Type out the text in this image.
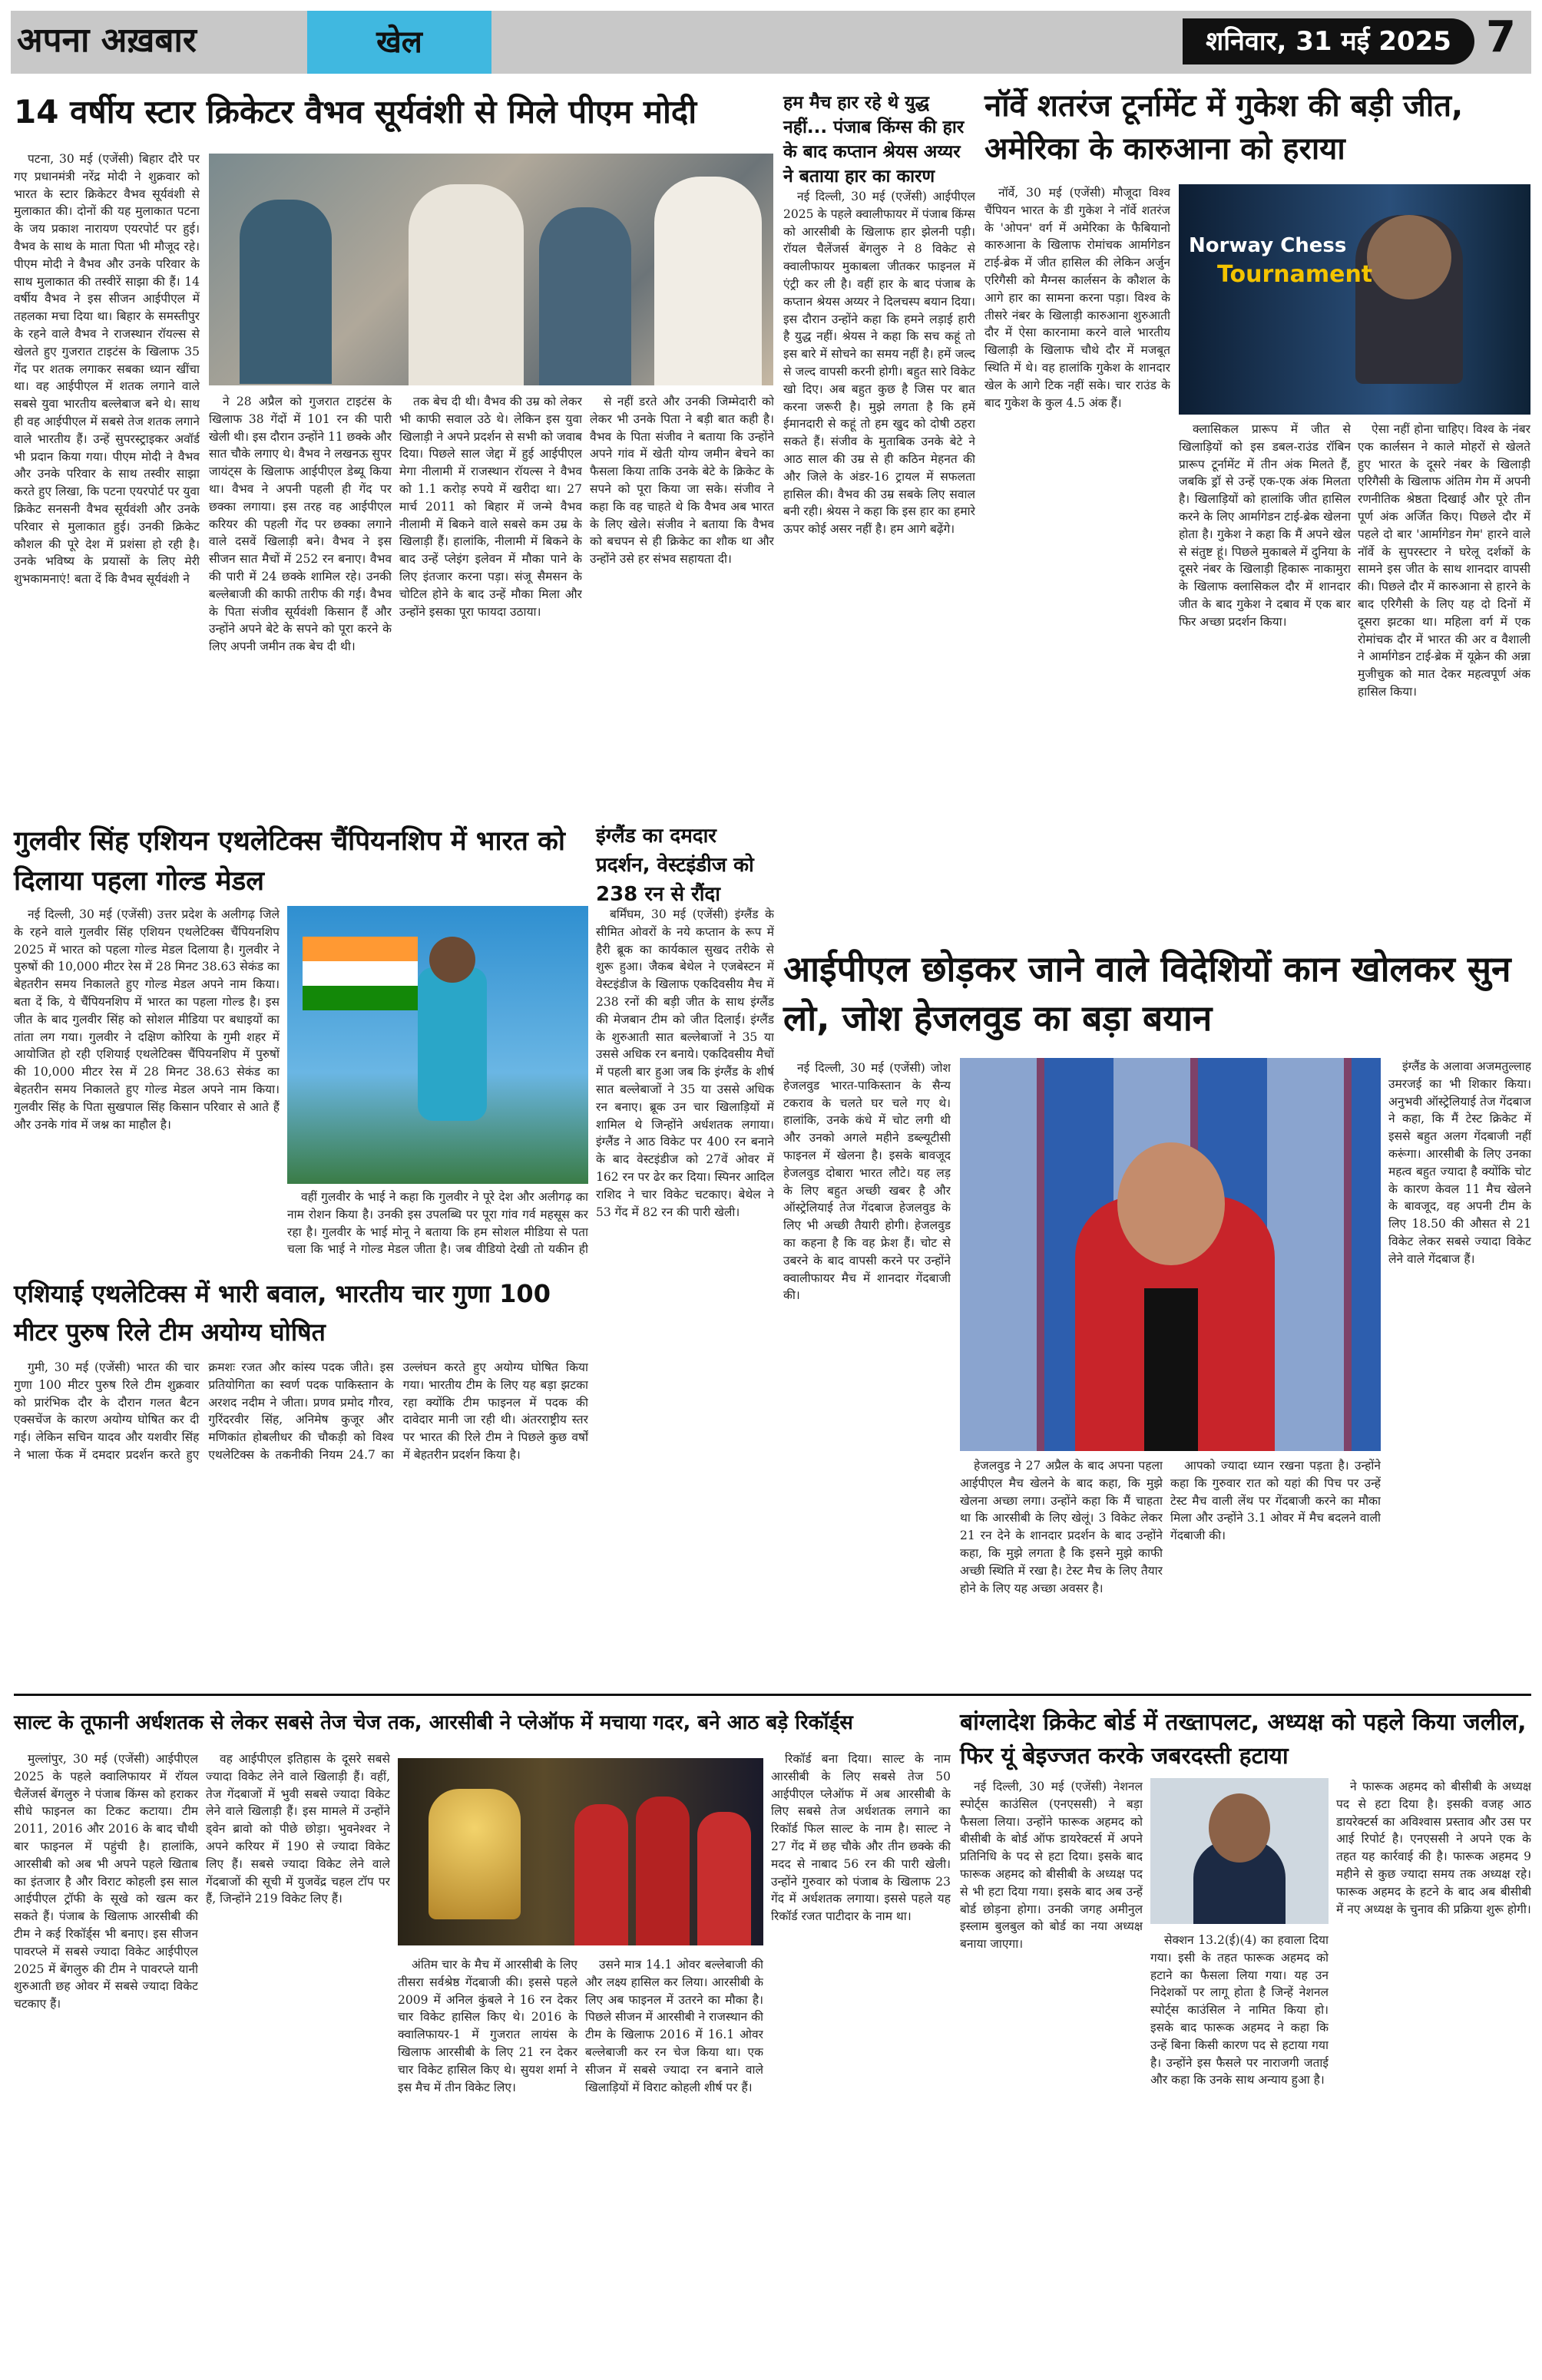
अपना अख़बार	खेल	शनिवार, 31 मई 2025 7
14 वर्षीय स्टार क्रिकेटर वैभव सूर्यवंशी से मिले पीएम मोदी

पटना, 30 मई (एजेंसी) बिहार दौरे पर गए प्रधानमंत्री नरेंद्र मोदी ने शुक्रवार को भारत के स्टार क्रिकेटर वैभव सूर्यवंशी से मुलाकात की। दोनों की यह मुलाकात पटना के जय प्रकाश नारायण एयरपोर्ट पर हुई। वैभव के साथ के माता पिता भी मौजूद रहे। पीएम मोदी ने वैभव और उनके परिवार के साथ मुलाकात की तस्वीरें साझा की हैं। 14 वर्षीय वैभव ने इस सीजन आईपीएल में तहलका मचा दिया था। बिहार के समस्तीपुर के रहने वाले वैभव ने राजस्थान रॉयल्स से खेलते हुए गुजरात टाइटंस के खिलाफ 35 गेंद पर शतक लगाकर सबका ध्यान खींचा था। वह आईपीएल में शतक लगाने वाले सबसे युवा भारतीय बल्लेबाज बने थे। साथ ही वह आईपीएल में सबसे तेज शतक लगाने वाले भारतीय हैं। उन्हें सुपरस्ट्राइकर अवॉर्ड भी प्रदान किया गया। पीएम मोदी ने वैभव और उनके परिवार के साथ तस्वीर साझा करते हुए लिखा, कि पटना एयरपोर्ट पर युवा क्रिकेट सनसनी वैभव सूर्यवंशी और उनके परिवार से मुलाकात हुई। उनकी क्रिकेट कौशल की पूरे देश में प्रशंसा हो रही है। उनके भविष्य के प्रयासों के लिए मेरी शुभकामनाएं! बता दें कि वैभव सूर्यवंशी ने

ने 28 अप्रैल को गुजरात टाइटंस के खिलाफ 38 गेंदों में 101 रन की पारी खेली थी। इस दौरान उन्होंने 11 छक्के और सात चौके लगाए थे। वैभव ने लखनऊ सुपर जायंट्स के खिलाफ आईपीएल डेब्यू किया था। वैभव ने अपनी पहली ही गेंद पर छक्का लगाया। इस तरह वह आईपीएल करियर की पहली गेंद पर छक्का लगाने वाले दसवें खिलाड़ी बने। वैभव ने इस सीजन सात मैचों में 252 रन बनाए। वैभव की पारी में 24 छक्के शामिल रहे। उनकी बल्लेबाजी की काफी तारीफ की गई। वैभव के पिता संजीव सूर्यवंशी किसान हैं और उन्होंने अपने बेटे के सपने को पूरा करने के लिए अपनी जमीन तक बेच दी थी।

तक बेच दी थी। वैभव की उम्र को लेकर भी काफी सवाल उठे थे। लेकिन इस युवा खिलाड़ी ने अपने प्रदर्शन से सभी को जवाब दिया। पिछले साल जेद्दा में हुई आईपीएल मेगा नीलामी में राजस्थान रॉयल्स ने वैभव को 1.1 करोड़ रुपये में खरीदा था। 27 मार्च 2011 को बिहार में जन्मे वैभव नीलामी में बिकने वाले सबसे कम उम्र के खिलाड़ी हैं। हालांकि, नीलामी में बिकने के बाद उन्हें प्लेइंग इलेवन में मौका पाने के लिए इंतजार करना पड़ा। संजू सैमसन के चोटिल होने के बाद उन्हें मौका मिला और उन्होंने इसका पूरा फायदा उठाया।

से नहीं डरते और उनकी जिम्मेदारी को लेकर भी उनके पिता ने बड़ी बात कही है। वैभव के पिता संजीव ने बताया कि उन्होंने अपने गांव में खेती योग्य जमीन बेचने का फैसला किया ताकि उनके बेटे के क्रिकेट के सपने को पूरा किया जा सके। संजीव ने कहा कि वह चाहते थे कि वैभव अब भारत के लिए खेले। संजीव ने बताया कि वैभव को बचपन से ही क्रिकेट का शौक था और उन्होंने उसे हर संभव सहायता दी।

हम मैच हार रहे थे युद्ध नहीं... पंजाब किंग्स की हार के बाद कप्तान श्रेयस अय्यर ने बताया हार का कारण

नई दिल्ली, 30 मई (एजेंसी) आईपीएल 2025 के पहले क्वालीफायर में पंजाब किंग्स को आरसीबी के खिलाफ हार झेलनी पड़ी। रॉयल चैलेंजर्स बेंगलुरु ने 8 विकेट से क्वालीफायर मुकाबला जीतकर फाइनल में एंट्री कर ली है। वहीं हार के बाद पंजाब के कप्तान श्रेयस अय्यर ने दिलचस्प बयान दिया। इस दौरान उन्होंने कहा कि हमने लड़ाई हारी है युद्ध नहीं। श्रेयस ने कहा कि सच कहूं तो इस बारे में सोचने का समय नहीं है। हमें जल्द से जल्द वापसी करनी होगी। बहुत सारे विकेट खो दिए। अब बहुत कुछ है जिस पर बात करना जरूरी है। मुझे लगता है कि हमें ईमानदारी से कहूं तो हम खुद को दोषी ठहरा सकते हैं। संजीव के मुताबिक उनके बेटे ने आठ साल की उम्र से ही कठिन मेहनत की और जिले के अंडर-16 ट्रायल में सफलता हासिल की। वैभव की उम्र सबके लिए सवाल बनी रही। श्रेयस ने कहा कि इस हार का हमारे ऊपर कोई असर नहीं है। हम आगे बढ़ेंगे।

नॉर्वे शतरंज टूर्नामेंट में गुकेश की बड़ी जीत, अमेरिका के कारुआना को हराया

नॉर्वे, 30 मई (एजेंसी) मौजूदा विश्व चैंपियन भारत के डी गुकेश ने नॉर्वे शतरंज के 'ओपन' वर्ग में अमेरिका के फैबियानो कारुआना के खिलाफ रोमांचक आर्मागेडन टाई-ब्रेक में जीत हासिल की लेकिन अर्जुन एरिगैसी को मैग्नस कार्लसन के कौशल के आगे हार का सामना करना पड़ा। विश्व के तीसरे नंबर के खिलाड़ी कारुआना शुरुआती दौर में ऐसा कारनामा करने वाले भारतीय खिलाड़ी के खिलाफ चौथे दौर में मजबूत स्थिति में थे। वह हालांकि गुकेश के शानदार खेल के आगे टिक नहीं सके। चार राउंड के बाद गुकेश के कुल 4.5 अंक हैं।

Norway Chess
Tournament

क्लासिकल प्रारूप में जीत से खिलाड़ियों को इस डबल-राउंड रॉबिन प्रारूप टूर्नामेंट में तीन अंक मिलते हैं, जबकि ड्रॉ से उन्हें एक-एक अंक मिलता है। खिलाड़ियों को हालांकि जीत हासिल करने के लिए आर्मागेडन टाई-ब्रेक खेलना होता है। गुकेश ने कहा कि मैं अपने खेल से संतुष्ट हूं। पिछले मुकाबले में दुनिया के दूसरे नंबर के खिलाड़ी हिकारू नाकामुरा के खिलाफ क्लासिकल दौर में शानदार जीत के बाद गुकेश ने दबाव में एक बार फिर अच्छा प्रदर्शन किया।

ऐसा नहीं होना चाहिए। विश्व के नंबर एक कार्लसन ने काले मोहरों से खेलते हुए भारत के दूसरे नंबर के खिलाड़ी एरिगैसी के खिलाफ अंतिम गेम में अपनी रणनीतिक श्रेष्ठता दिखाई और पूरे तीन पूर्ण अंक अर्जित किए। पिछले दौर में पहले दो बार 'आर्मागेडन गेम' हारने वाले नॉर्वे के सुपरस्टार ने घरेलू दर्शकों के सामने इस जीत के साथ शानदार वापसी की। पिछले दौर में कारुआना से हारने के बाद एरिगैसी के लिए यह दो दिनों में दूसरा झटका था। महिला वर्ग में एक रोमांचक दौर में भारत की अर व वैशाली ने आर्मागेडन टाई-ब्रेक में यूक्रेन की अन्ना मुजीचुक को मात देकर महत्वपूर्ण अंक हासिल किया।

गुलवीर सिंह एशियन एथलेटिक्स चैंपियनशिप में भारत को दिलाया पहला गोल्ड मेडल

नई दिल्ली, 30 मई (एजेंसी) उत्तर प्रदेश के अलीगढ़ जिले के रहने वाले गुलवीर सिंह एशियन एथलेटिक्स चैंपियनशिप 2025 में भारत को पहला गोल्ड मेडल दिलाया है। गुलवीर ने पुरुषों की 10,000 मीटर रेस में 28 मिनट 38.63 सेकंड का बेहतरीन समय निकालते हुए गोल्ड मेडल अपने नाम किया। बता दें कि, ये चैंपियनशिप में भारत का पहला गोल्ड है। इस जीत के बाद गुलवीर सिंह को सोशल मीडिया पर बधाइयों का तांता लग गया। गुलवीर ने दक्षिण कोरिया के गुमी शहर में आयोजित हो रही एशियाई एथलेटिक्स चैंपियनशिप में पुरुषों की 10,000 मीटर रेस में 28 मिनट 38.63 सेकंड का बेहतरीन समय निकालते हुए गोल्ड मेडल अपने नाम किया। गुलवीर सिंह के पिता सुखपाल सिंह किसान परिवार से आते हैं और उनके गांव में जश्न का माहौल है।

वहीं गुलवीर के भाई ने कहा कि गुलवीर ने पूरे देश और अलीगढ़ का नाम रोशन किया है। उनकी इस उपलब्धि पर पूरा गांव गर्व महसूस कर रहा है। गुलवीर के भाई मोनू ने बताया कि हम सोशल मीडिया से पता चला कि भाई ने गोल्ड मेडल जीता है। जब वीडियो देखी तो यकीन ही

इंग्लैंड का दमदार प्रदर्शन, वेस्टइंडीज को 238 रन से रौंदा

बर्मिंघम, 30 मई (एजेंसी) इंग्लैंड के सीमित ओवरों के नये कप्तान के रूप में हैरी ब्रूक का कार्यकाल सुखद तरीके से शुरू हुआ। जैकब बेथेल ने एजबेस्टन में वेस्टइंडीज के खिलाफ एकदिवसीय मैच में 238 रनों की बड़ी जीत के साथ इंग्लैंड की मेजबान टीम को जीत दिलाई। इंग्लैंड के शुरुआती सात बल्लेबाजों ने 35 या उससे अधिक रन बनाये। एकदिवसीय मैचों में पहली बार हुआ जब कि इंग्लैंड के शीर्ष सात बल्लेबाजों ने 35 या उससे अधिक रन बनाए। ब्रूक उन चार खिलाड़ियों में शामिल थे जिन्होंने अर्धशतक लगाया। इंग्लैंड ने आठ विकेट पर 400 रन बनाने के बाद वेस्टइंडीज को 27वें ओवर में 162 रन पर ढेर कर दिया। स्पिनर आदिल राशिद ने चार विकेट चटकाए। बेथेल ने 53 गेंद में 82 रन की पारी खेली।

एशियाई एथलेटिक्स में भारी बवाल, भारतीय चार गुणा 100 मीटर पुरुष रिले टीम अयोग्य घोषित

गुमी, 30 मई (एजेंसी) भारत की चार गुणा 100 मीटर पुरुष रिले टीम शुक्रवार को प्रारंभिक दौर के दौरान गलत बैटन एक्सचेंज के कारण अयोग्य घोषित कर दी गई। लेकिन सचिन यादव और यशवीर सिंह ने भाला फेंक में दमदार प्रदर्शन करते हुए क्रमशः रजत और कांस्य पदक जीते। इस प्रतियोगिता का स्वर्ण पदक पाकिस्तान के अरशद नदीम ने जीता। प्रणव प्रमोद गौरव, गुरिंदरवीर सिंह, अनिमेष कुजूर और मणिकांत होबलीधर की चौकड़ी को विश्व एथलेटिक्स के तकनीकी नियम 24.7 का उल्लंघन करते हुए अयोग्य घोषित किया गया। भारतीय टीम के लिए यह बड़ा झटका रहा क्योंकि टीम फाइनल में पदक की दावेदार मानी जा रही थी। अंतरराष्ट्रीय स्तर पर भारत की रिले टीम ने पिछले कुछ वर्षों में बेहतरीन प्रदर्शन किया है।

आईपीएल छोड़कर जाने वाले विदेशियों कान खोलकर सुन लो, जोश हेजलवुड का बड़ा बयान

नई दिल्ली, 30 मई (एजेंसी) जोश हेजलवुड भारत-पाकिस्तान के सैन्य टकराव के चलते घर चले गए थे। हालांकि, उनके कंधे में चोट लगी थी और उनको अगले महीने डब्ल्यूटीसी फाइनल में खेलना है। इसके बावजूद हेजलवुड दोबारा भारत लौटे। यह लड़ के लिए बहुत अच्छी खबर है और ऑस्ट्रेलियाई तेज गेंदबाज हेजलवुड के लिए भी अच्छी तैयारी होगी। हेजलवुड का कहना है कि वह फ्रेश हैं। चोट से उबरने के बाद वापसी करने पर उन्होंने क्वालीफायर मैच में शानदार गेंदबाजी की।

हेजलवुड ने 27 अप्रैल के बाद अपना पहला आईपीएल मैच खेलने के बाद कहा, कि मुझे खेलना अच्छा लगा। उन्होंने कहा कि मैं चाहता था कि आरसीबी के लिए खेलूं। 3 विकेट लेकर 21 रन देने के शानदार प्रदर्शन के बाद उन्होंने कहा, कि मुझे लगता है कि इसने मुझे काफी अच्छी स्थिति में रखा है। टेस्ट मैच के लिए तैयार होने के लिए यह अच्छा अवसर है।

आपको ज्यादा ध्यान रखना पड़ता है। उन्होंने कहा कि गुरुवार रात को यहां की पिच पर उन्हें टेस्ट मैच वाली लेंथ पर गेंदबाजी करने का मौका मिला और उन्होंने 3.1 ओवर में मैच बदलने वाली गेंदबाजी की।

इंग्लैंड के अलावा अजमतुल्लाह उमरजई का भी शिकार किया। अनुभवी ऑस्ट्रेलियाई तेज गेंदबाज ने कहा, कि मैं टेस्ट क्रिकेट में इससे बहुत अलग गेंदबाजी नहीं करूंगा। आरसीबी के लिए उनका महत्व बहुत ज्यादा है क्योंकि चोट के कारण केवल 11 मैच खेलने के बावजूद, वह अपनी टीम के लिए 18.50 की औसत से 21 विकेट लेकर सबसे ज्यादा विकेट लेने वाले गेंदबाज हैं।

साल्ट के तूफानी अर्धशतक से लेकर सबसे तेज चेज तक, आरसीबी ने प्लेऑफ में मचाया गदर, बने आठ बड़े रिकॉर्ड्स

मुल्लांपुर, 30 मई (एजेंसी) आईपीएल 2025 के पहले क्वालिफायर में रॉयल चैलेंजर्स बेंगलुरु ने पंजाब किंग्स को हराकर सीधे फाइनल का टिकट कटाया। टीम 2011, 2016 और 2016 के बाद चौथी बार फाइनल में पहुंची है। हालांकि, आरसीबी को अब भी अपने पहले खिताब का इंतजार है और विराट कोहली इस साल आईपीएल ट्रॉफी के सूखे को खत्म कर सकते हैं। पंजाब के खिलाफ आरसीबी की टीम ने कई रिकॉर्ड्स भी बनाए। इस सीजन पावरप्ले में सबसे ज्यादा विकेट आईपीएल 2025 में बेंगलुरु की टीम ने पावरप्ले यानी शुरुआती छह ओवर में सबसे ज्यादा विकेट चटकाए हैं।

वह आईपीएल इतिहास के दूसरे सबसे ज्यादा विकेट लेने वाले खिलाड़ी हैं। वहीं, तेज गेंदबाजों में भुवी सबसे ज्यादा विकेट लेने वाले खिलाड़ी हैं। इस मामले में उन्होंने ड्वेन ब्रावो को पीछे छोड़ा। भुवनेश्वर ने अपने करियर में 190 से ज्यादा विकेट लिए हैं। सबसे ज्यादा विकेट लेने वाले गेंदबाजों की सूची में युजवेंद्र चहल टॉप पर हैं, जिन्होंने 219 विकेट लिए हैं।

अंतिम चार के मैच में आरसीबी के लिए तीसरा सर्वश्रेष्ठ गेंदबाजी की। इससे पहले 2009 में अनिल कुंबले ने 16 रन देकर चार विकेट हासिल किए थे। 2016 के क्वालिफायर-1 में गुजरात लायंस के खिलाफ आरसीबी के लिए 21 रन देकर चार विकेट हासिल किए थे। सुयश शर्मा ने इस मैच में तीन विकेट लिए।

उसने मात्र 14.1 ओवर बल्लेबाजी की और लक्ष्य हासिल कर लिया। आरसीबी के लिए अब फाइनल में उतरने का मौका है। पिछले सीजन में आरसीबी ने राजस्थान की टीम के खिलाफ 2016 में 16.1 ओवर बल्लेबाजी कर रन चेज किया था। एक सीजन में सबसे ज्यादा रन बनाने वाले खिलाड़ियों में विराट कोहली शीर्ष पर हैं।

रिकॉर्ड बना दिया। साल्ट के नाम आरसीबी के लिए सबसे तेज 50 आईपीएल प्लेऑफ में अब आरसीबी के लिए सबसे तेज अर्धशतक लगाने का रिकॉर्ड फिल साल्ट के नाम है। साल्ट ने 27 गेंद में छह चौके और तीन छक्के की मदद से नाबाद 56 रन की पारी खेली। उन्होंने गुरुवार को पंजाब के खिलाफ 23 गेंद में अर्धशतक लगाया। इससे पहले यह रिकॉर्ड रजत पाटीदार के नाम था।

बांग्लादेश क्रिकेट बोर्ड में तख्तापलट, अध्यक्ष को पहले किया जलील, फिर यूं बेइज्जत करके जबरदस्ती हटाया

नई दिल्ली, 30 मई (एजेंसी) नेशनल स्पोर्ट्स काउंसिल (एनएससी) ने बड़ा फैसला लिया। उन्होंने फारूक अहमद को बीसीबी के बोर्ड ऑफ डायरेक्टर्स में अपने प्रतिनिधि के पद से हटा दिया। इसके बाद फारूक अहमद को बीसीबी के अध्यक्ष पद से भी हटा दिया गया। इसके बाद अब उन्हें बोर्ड छोड़ना होगा। उनकी जगह अमीनुल इस्लाम बुलबुल को बोर्ड का नया अध्यक्ष बनाया जाएगा।	सेक्शन 13.2(ई)(4) का हवाला दिया गया। इसी के तहत फारूक अहमद को हटाने का फैसला लिया गया। यह उन निदेशकों पर लागू होता है जिन्हें नेशनल स्पोर्ट्स काउंसिल ने नामित किया हो। इसके बाद फारूक अहमद ने कहा कि उन्हें बिना किसी कारण पद से हटाया गया है। उन्होंने इस फैसले पर नाराजगी जताई और कहा कि उनके साथ अन्याय हुआ है।

ने फारूक अहमद को बीसीबी के अध्यक्ष पद से हटा दिया है। इसकी वजह आठ डायरेक्टर्स का अविश्वास प्रस्ताव और उस पर आई रिपोर्ट है। एनएससी ने अपने एक के तहत यह कार्रवाई की है। फारूक अहमद 9 महीने से कुछ ज्यादा समय तक अध्यक्ष रहे। फारूक अहमद के हटने के बाद अब बीसीबी में नए अध्यक्ष के चुनाव की प्रक्रिया शुरू होगी।
